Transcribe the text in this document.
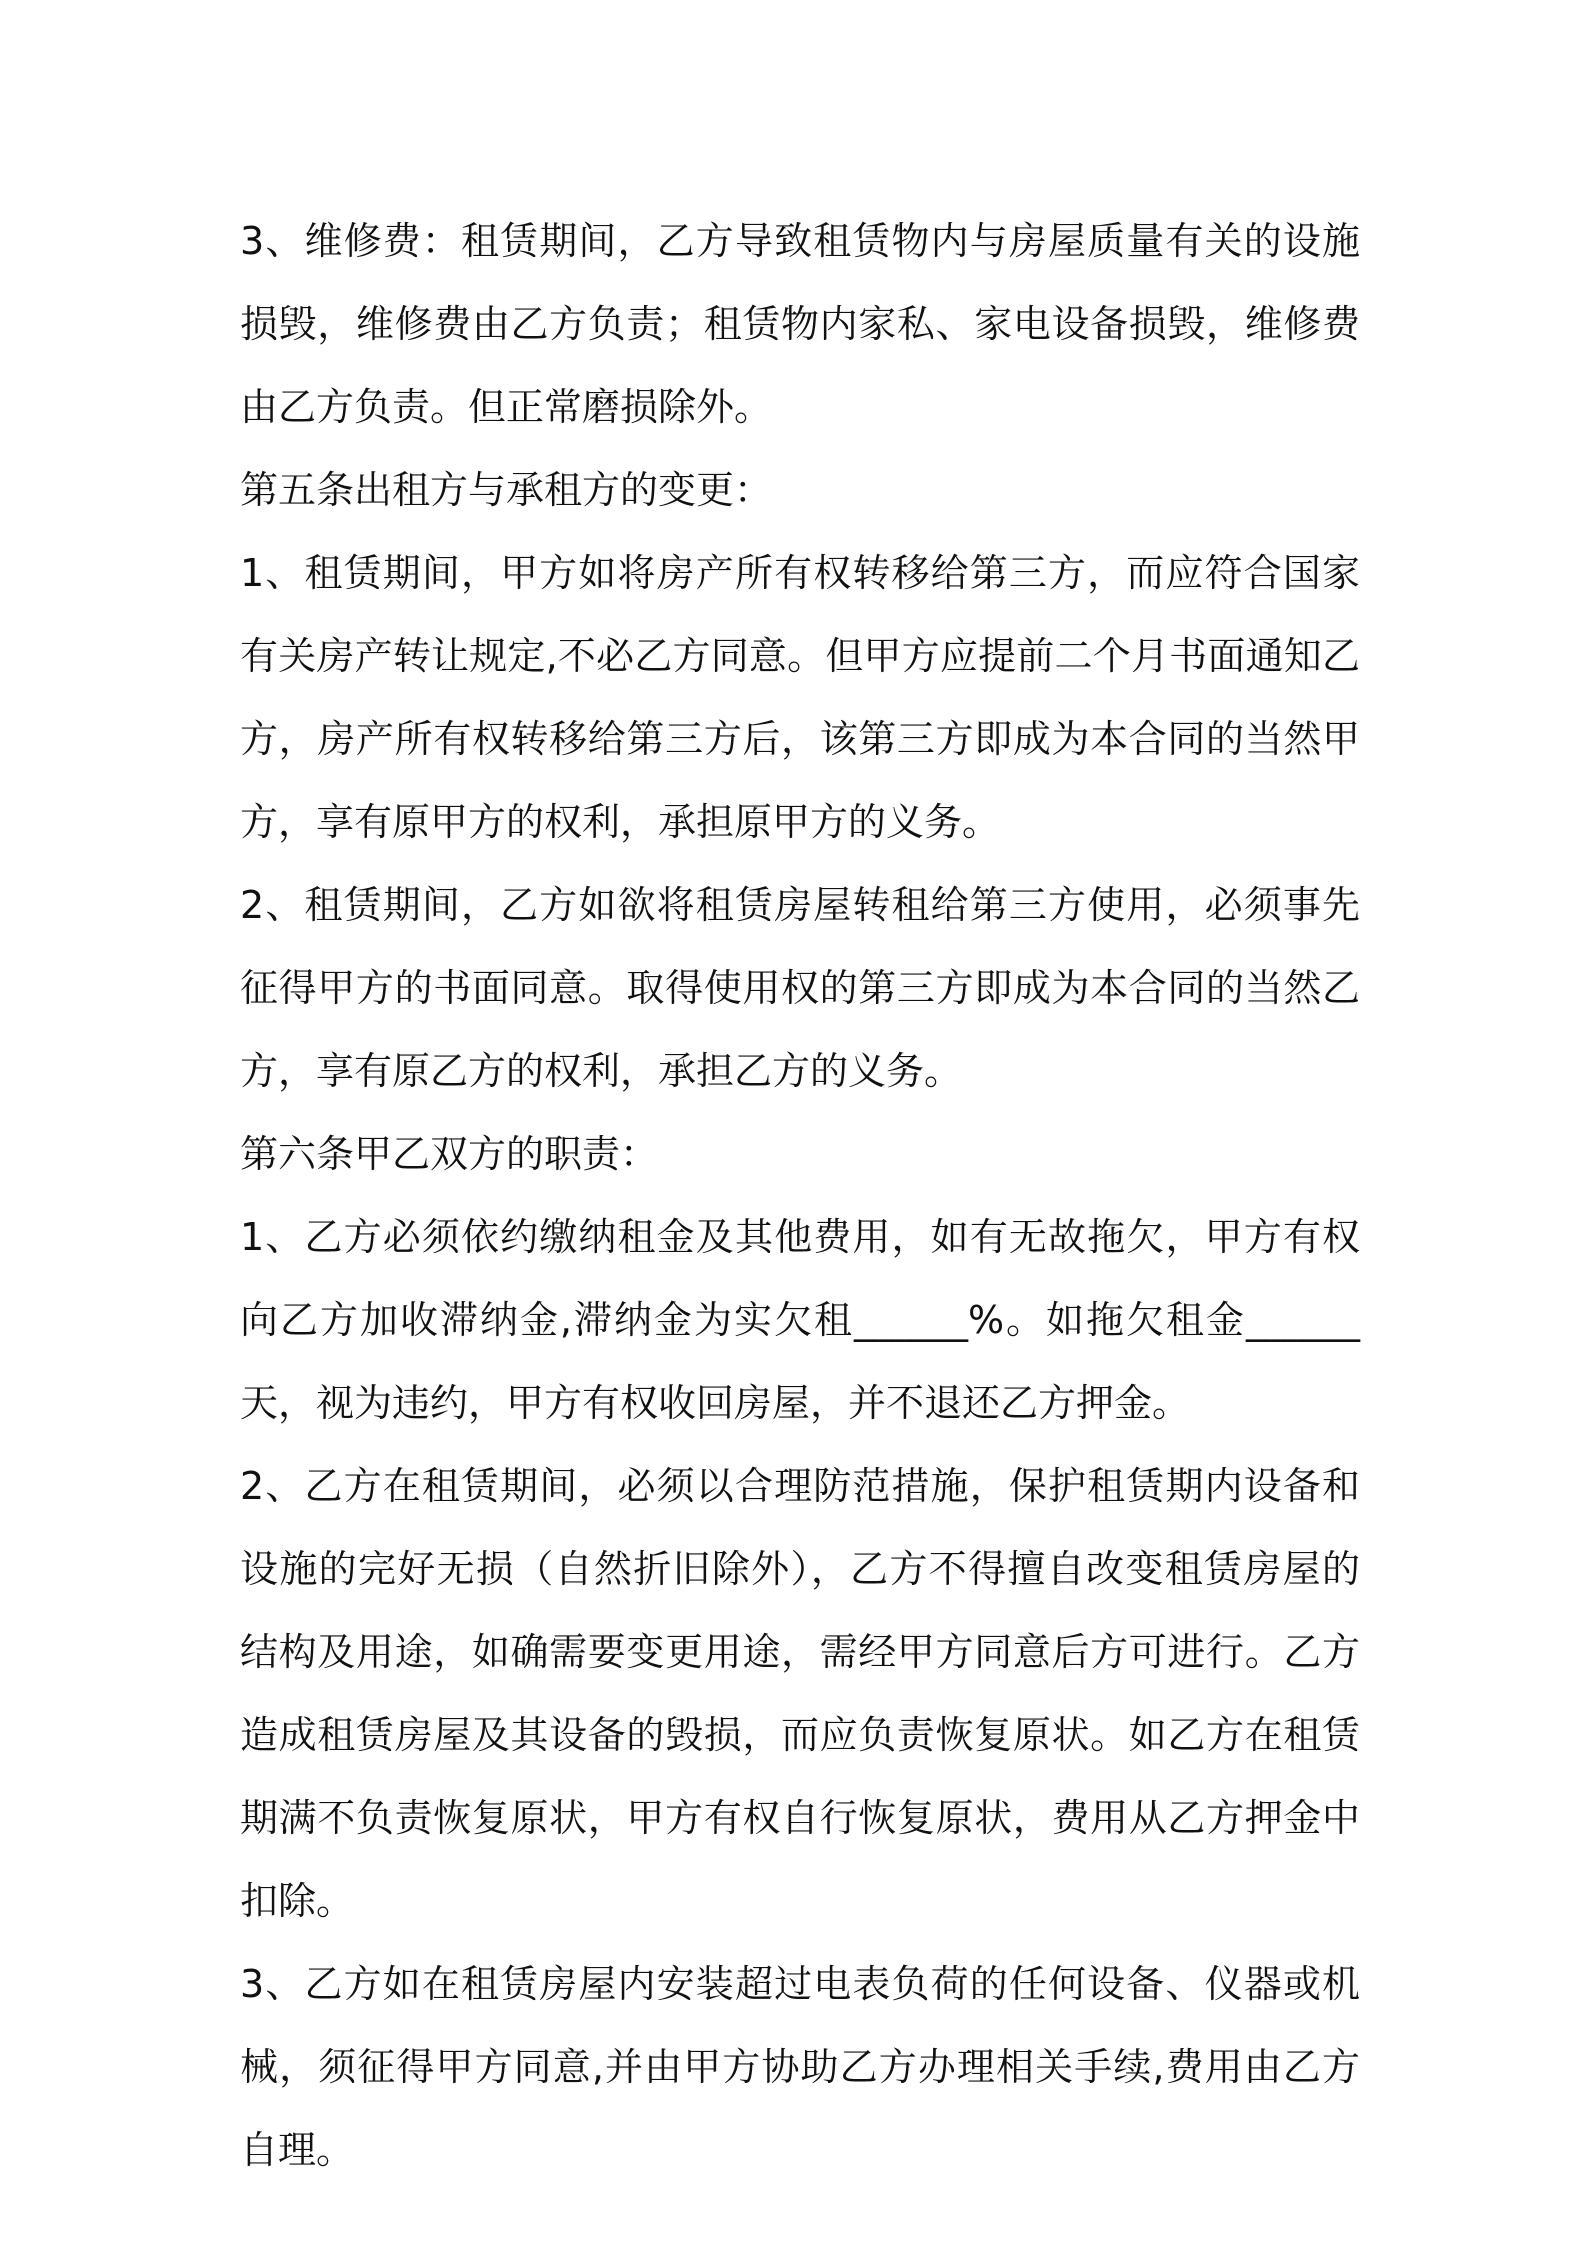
3、维修费：租赁期间，乙方导致租赁物内与房屋质量有关的设施损毁，维修费由乙方负责；租赁物内家私、家电设备损毁，维修费由乙方负责。但正常磨损除外。

第五条出租方与承租方的变更：

1、租赁期间，甲方如将房产所有权转移给第三方，而应符合国家有关房产转让规定,不必乙方同意。但甲方应提前二个月书面通知乙方，房产所有权转移给第三方后，该第三方即成为本合同的当然甲方，享有原甲方的权利，承担原甲方的义务。

2、租赁期间，乙方如欲将租赁房屋转租给第三方使用，必须事先征得甲方的书面同意。取得使用权的第三方即成为本合同的当然乙方，享有原乙方的权利，承担乙方的义务。

第六条甲乙双方的职责：

1、乙方必须依约缴纳租金及其他费用，如有无故拖欠，甲方有权向乙方加收滞纳金,滞纳金为实欠租______%。如拖欠租金______天，视为违约，甲方有权收回房屋，并不退还乙方押金。

2、乙方在租赁期间，必须以合理防范措施，保护租赁期内设备和设施的完好无损（自然折旧除外），乙方不得擅自改变租赁房屋的结构及用途，如确需要变更用途，需经甲方同意后方可进行。乙方造成租赁房屋及其设备的毁损，而应负责恢复原状。如乙方在租赁期满不负责恢复原状，甲方有权自行恢复原状，费用从乙方押金中扣除。

3、乙方如在租赁房屋内安装超过电表负荷的任何设备、仪器或机械，须征得甲方同意,并由甲方协助乙方办理相关手续,费用由乙方自理。
